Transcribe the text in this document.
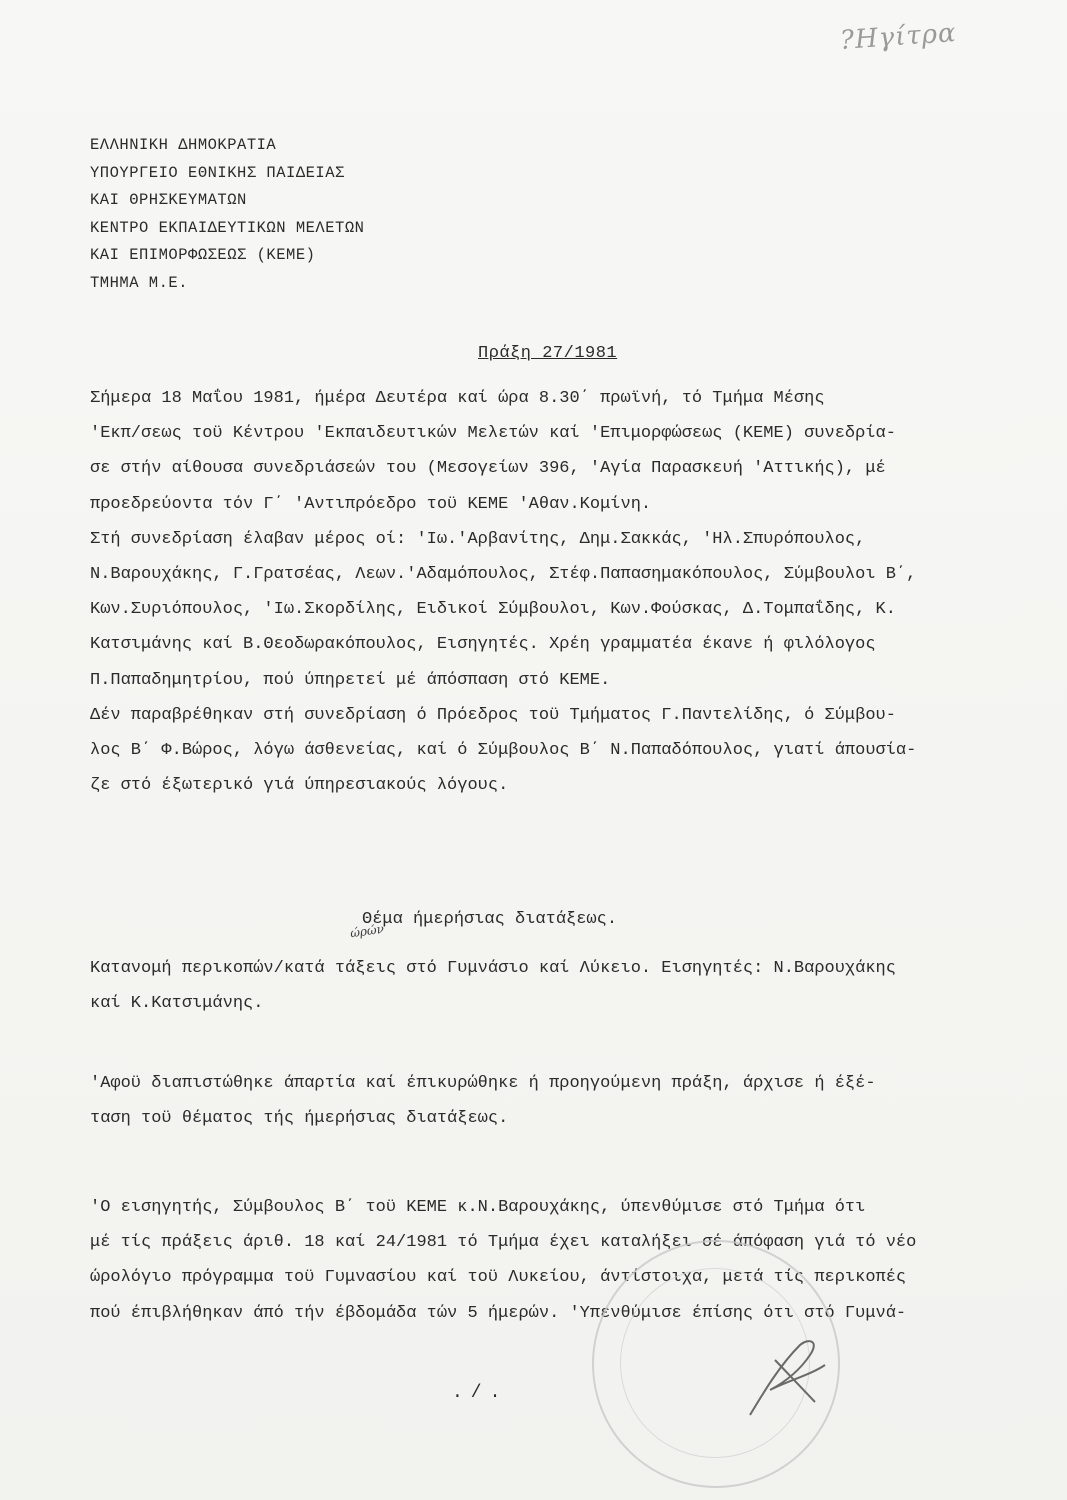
?Ηγίτρα
ΕΛΛΗΝΙΚΗ ΔΗΜΟΚΡΑΤΙΑ
ΥΠΟΥΡΓΕΙΟ ΕΘΝΙΚΗΣ ΠΑΙΔΕΙΑΣ
ΚΑΙ ΘΡΗΣΚΕΥΜΑΤΩΝ
ΚΕΝΤΡΟ ΕΚΠΑΙΔΕΥΤΙΚΩΝ ΜΕΛΕΤΩΝ
ΚΑΙ ΕΠΙΜΟΡΦΩΣΕΩΣ (ΚΕΜΕ)
ΤΜΗΜΑ Μ.Ε.
Πράξη 27/1981
Σήμερα 18 Μαΐου 1981, ήμέρα Δευτέρα καί ώρα 8.30΄ πρωϊνή, τό Τμήμα Μέσης
'Εκπ/σεως τοϋ Κέντρου 'Εκπαιδευτικών Μελετών καί 'Επιμορφώσεως (ΚΕΜΕ) συνεδρία-
σε στήν αίθουσα συνεδριάσεών του (Μεσογείων 396, 'Αγία Παρασκευή 'Αττικής), μέ
προεδρεύοντα τόν Γ΄ 'Αντιπρόεδρο τοϋ ΚΕΜΕ 'Αθαν.Κομίνη.
Στή συνεδρίαση έλαβαν μέρος οί: 'Ιω.'Αρβανίτης, Δημ.Σακκάς, 'Ηλ.Σπυρόπουλος,
Ν.Βαρουχάκης, Γ.Γρατσέας, Λεων.'Αδαμόπουλος, Στέφ.Παπασημακόπουλος, Σύμβουλοι Β΄,
Κων.Συριόπουλος, 'Ιω.Σκορδίλης, Ειδικοί Σύμβουλοι, Κων.Φούσκας, Δ.Τομπαΐδης, Κ.
Κατσιμάνης καί Β.Θεοδωρακόπουλος, Εισηγητές. Χρέη γραμματέα έκανε ή φιλόλογος
Π.Παπαδημητρίου, πού ύπηρετεί μέ άπόσπαση στό ΚΕΜΕ.
Δέν παραβρέθηκαν στή συνεδρίαση ό Πρόεδρος τοϋ Τμήματος Γ.Παντελίδης, ό Σύμβου-
λος Β΄ Φ.Βώρος, λόγω άσθενείας, καί ό Σύμβουλος Β΄ Ν.Παπαδόπουλος, γιατί άπουσία-
ζε στό έξωτερικό γιά ύπηρεσιακούς λόγους.
Θέμα ήμερήσιας διατάξεως.
ώρών
Κατανομή περικοπών/κατά τάξεις στό Γυμνάσιο καί Λύκειο. Εισηγητές: Ν.Βαρουχάκης
καί Κ.Κατσιμάνης.
'Αφοϋ διαπιστώθηκε άπαρτία καί έπικυρώθηκε ή προηγούμενη πράξη, άρχισε ή έξέ-
ταση τοϋ θέματος τής ήμερήσιας διατάξεως.
'Ο εισηγητής, Σύμβουλος Β΄ τοϋ ΚΕΜΕ κ.Ν.Βαρουχάκης, ύπενθύμισε στό Τμήμα ότι
μέ τίς πράξεις άριθ. 18 καί 24/1981 τό Τμήμα έχει καταλήξει σέ άπόφαση γιά τό νέο
ώρολόγιο πρόγραμμα τοϋ Γυμνασίου καί τοϋ Λυκείου, άντίστοιχα, μετά τίς περικοπές
πού έπιβλήθηκαν άπό τήν έβδομάδα τών 5 ήμερών. 'Υπενθύμισε έπίσης ότι στό Γυμνά-
./.
